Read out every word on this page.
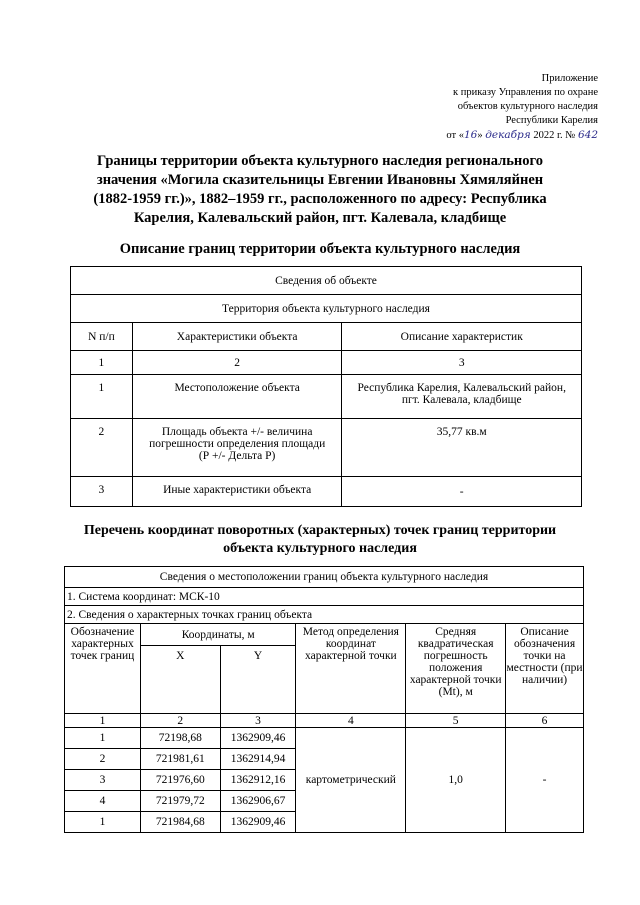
Приложение
к приказу Управления по охране
объектов культурного наследия
Республики Карелия
от «16» декабря 2022 г. № 642
Границы территории объекта культурного наследия регионального значения «Могила сказительницы Евгении Ивановны Хямяляйнен (1882-1959 гг.)», 1882–1959 гг., расположенного по адресу: Республика Карелия, Калевальский район, пгт. Калевала, кладбище
Описание границ территории объекта культурного наследия
Сведения об объекте		
Территория объекта культурного наследия		
N п/п	Характеристики объекта	Описание характеристик
1	2	3
1	Местоположение объекта	Республика Карелия, Калевальский район, пгт. Калевала, кладбище
2	Площадь объекта +/- величина погрешности определения площади (Р +/- Дельта Р)	35,77 кв.м
3	Иные характеристики объекта	-
Перечень координат поворотных (характерных) точек границ территории объекта культурного наследия
Сведения о местоположении границ объекта культурного наследия					
1. Система координат: МСК-10					
2. Сведения о характерных точках границ объекта					
Обозначение характерных точек границ	Координаты, м		Метод определения координат характерной точки	Средняя квадратическая погрешность положения характерной точки (Mt), м	Описание обозначения точки на местности (при наличии)
	X	Y			
1	2	3	4	5	6
1	72198,68	1362909,46	картометрический	1,0	-
2	721981,61	1362914,94			
3	721976,60	1362912,16			
4	721979,72	1362906,67			
1	721984,68	1362909,46			
